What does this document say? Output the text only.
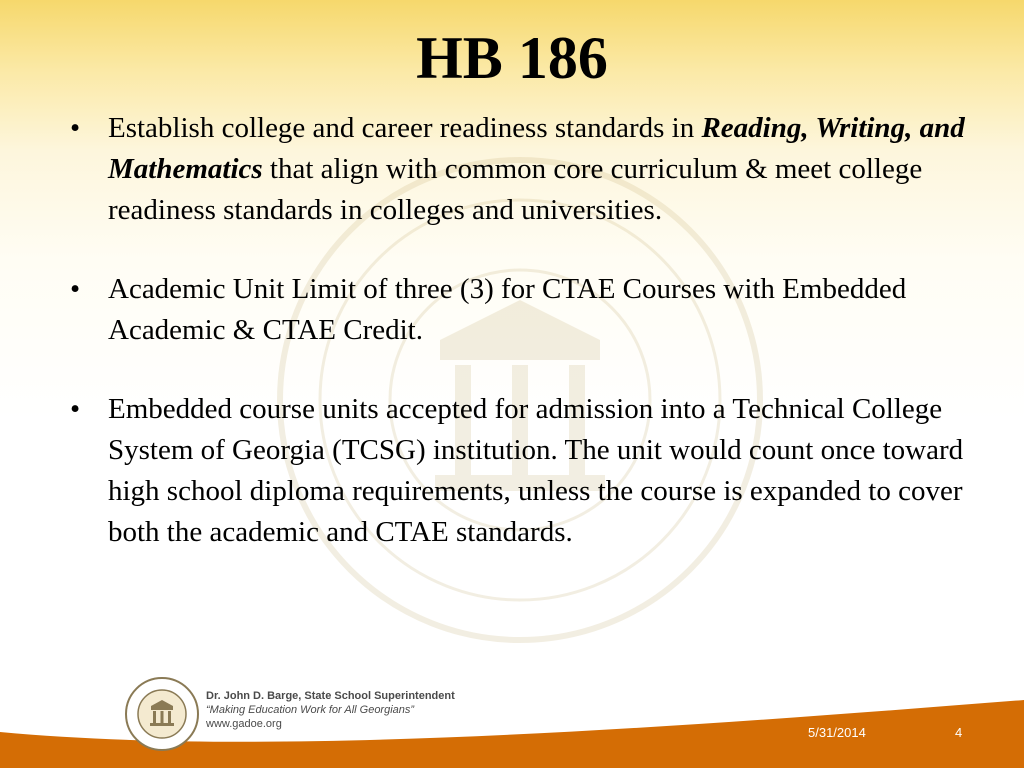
HB 186
• Establish college and career readiness standards in Reading, Writing, and Mathematics that align with common core curriculum & meet college readiness standards in colleges and universities.
• Academic Unit Limit of three (3) for CTAE Courses with Embedded Academic & CTAE Credit.
• Embedded course units accepted for admission into a Technical College System of Georgia (TCSG) institution. The unit would count once toward high school diploma requirements, unless the course is expanded to cover both the academic and CTAE standards.
Dr. John D. Barge, State School Superintendent
“Making Education Work for All Georgians”
www.gadoe.org
5/31/2014	4
